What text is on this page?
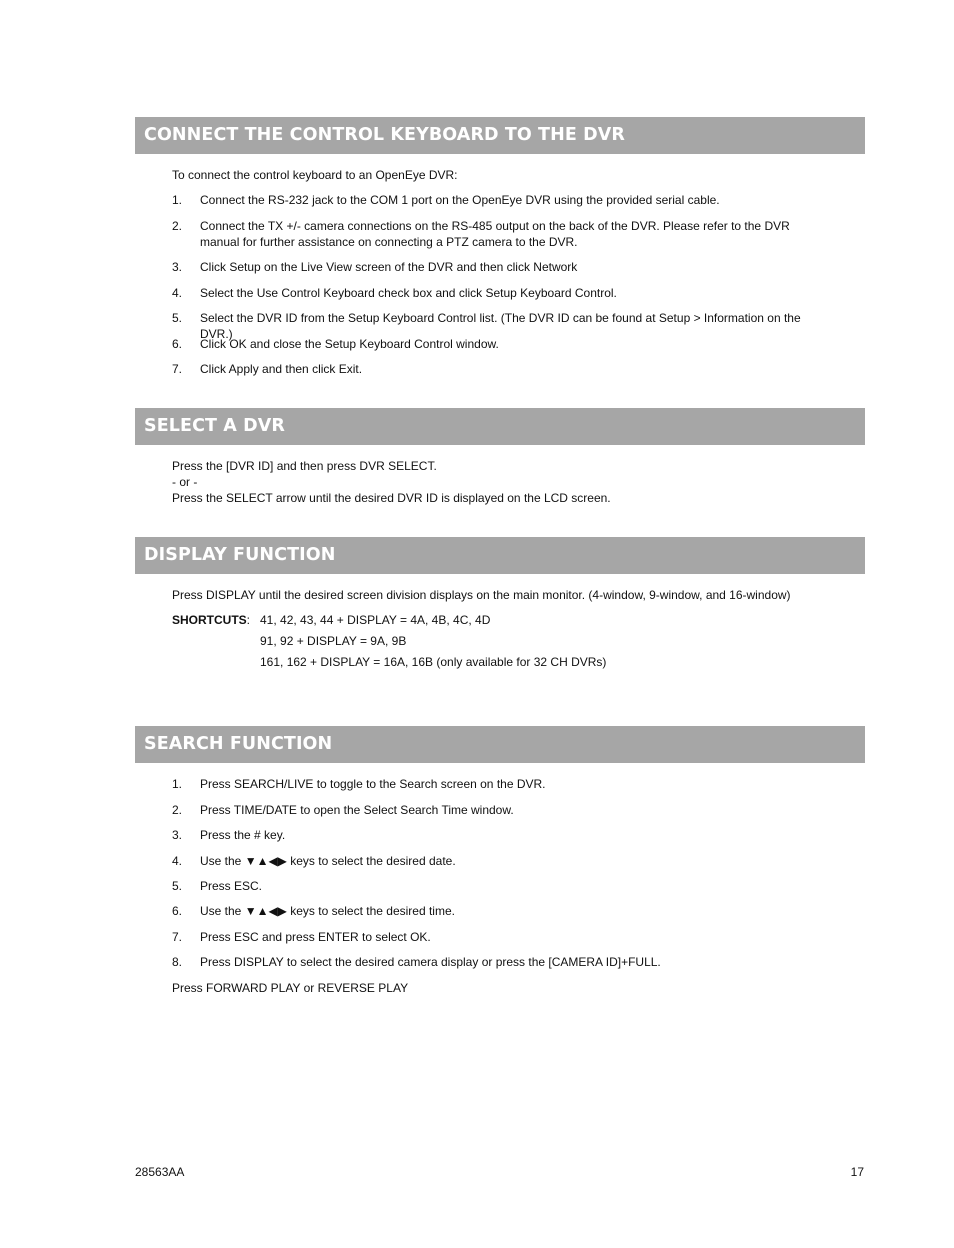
CONNECT THE CONTROL KEYBOARD TO THE DVR
To connect the control keyboard to an OpenEye DVR:
1. Connect the RS-232 jack to the COM 1 port on the OpenEye DVR using the provided serial cable.
2. Connect the TX +/- camera connections on the RS-485 output on the back of the DVR. Please refer to the DVR manual for further assistance on connecting a PTZ camera to the DVR.
3. Click Setup on the Live View screen of the DVR and then click Network
4. Select the Use Control Keyboard check box and click Setup Keyboard Control.
5. Select the DVR ID from the Setup Keyboard Control list. (The DVR ID can be found at Setup > Information on the DVR.)
6. Click OK and close the Setup Keyboard Control window.
7. Click Apply and then click Exit.
SELECT A DVR
Press the [DVR ID] and then press DVR SELECT.
- or -
Press the SELECT arrow until the desired DVR ID is displayed on the LCD screen.
DISPLAY FUNCTION
Press DISPLAY until the desired screen division displays on the main monitor. (4-window, 9-window, and 16-window)
SHORTCUTS: 41, 42, 43, 44 + DISPLAY = 4A, 4B, 4C, 4D
91, 92 + DISPLAY = 9A, 9B
161, 162 + DISPLAY = 16A, 16B (only available for 32 CH DVRs)
SEARCH FUNCTION
1. Press SEARCH/LIVE to toggle to the Search screen on the DVR.
2. Press TIME/DATE to open the Select Search Time window.
3. Press the # key.
4. Use the ▼▲◀▶ keys to select the desired date.
5. Press ESC.
6. Use the ▼▲◀▶ keys to select the desired time.
7. Press ESC and press ENTER to select OK.
8. Press DISPLAY to select the desired camera display or press the [CAMERA ID]+FULL.
Press FORWARD PLAY or REVERSE PLAY
28563AA	17
